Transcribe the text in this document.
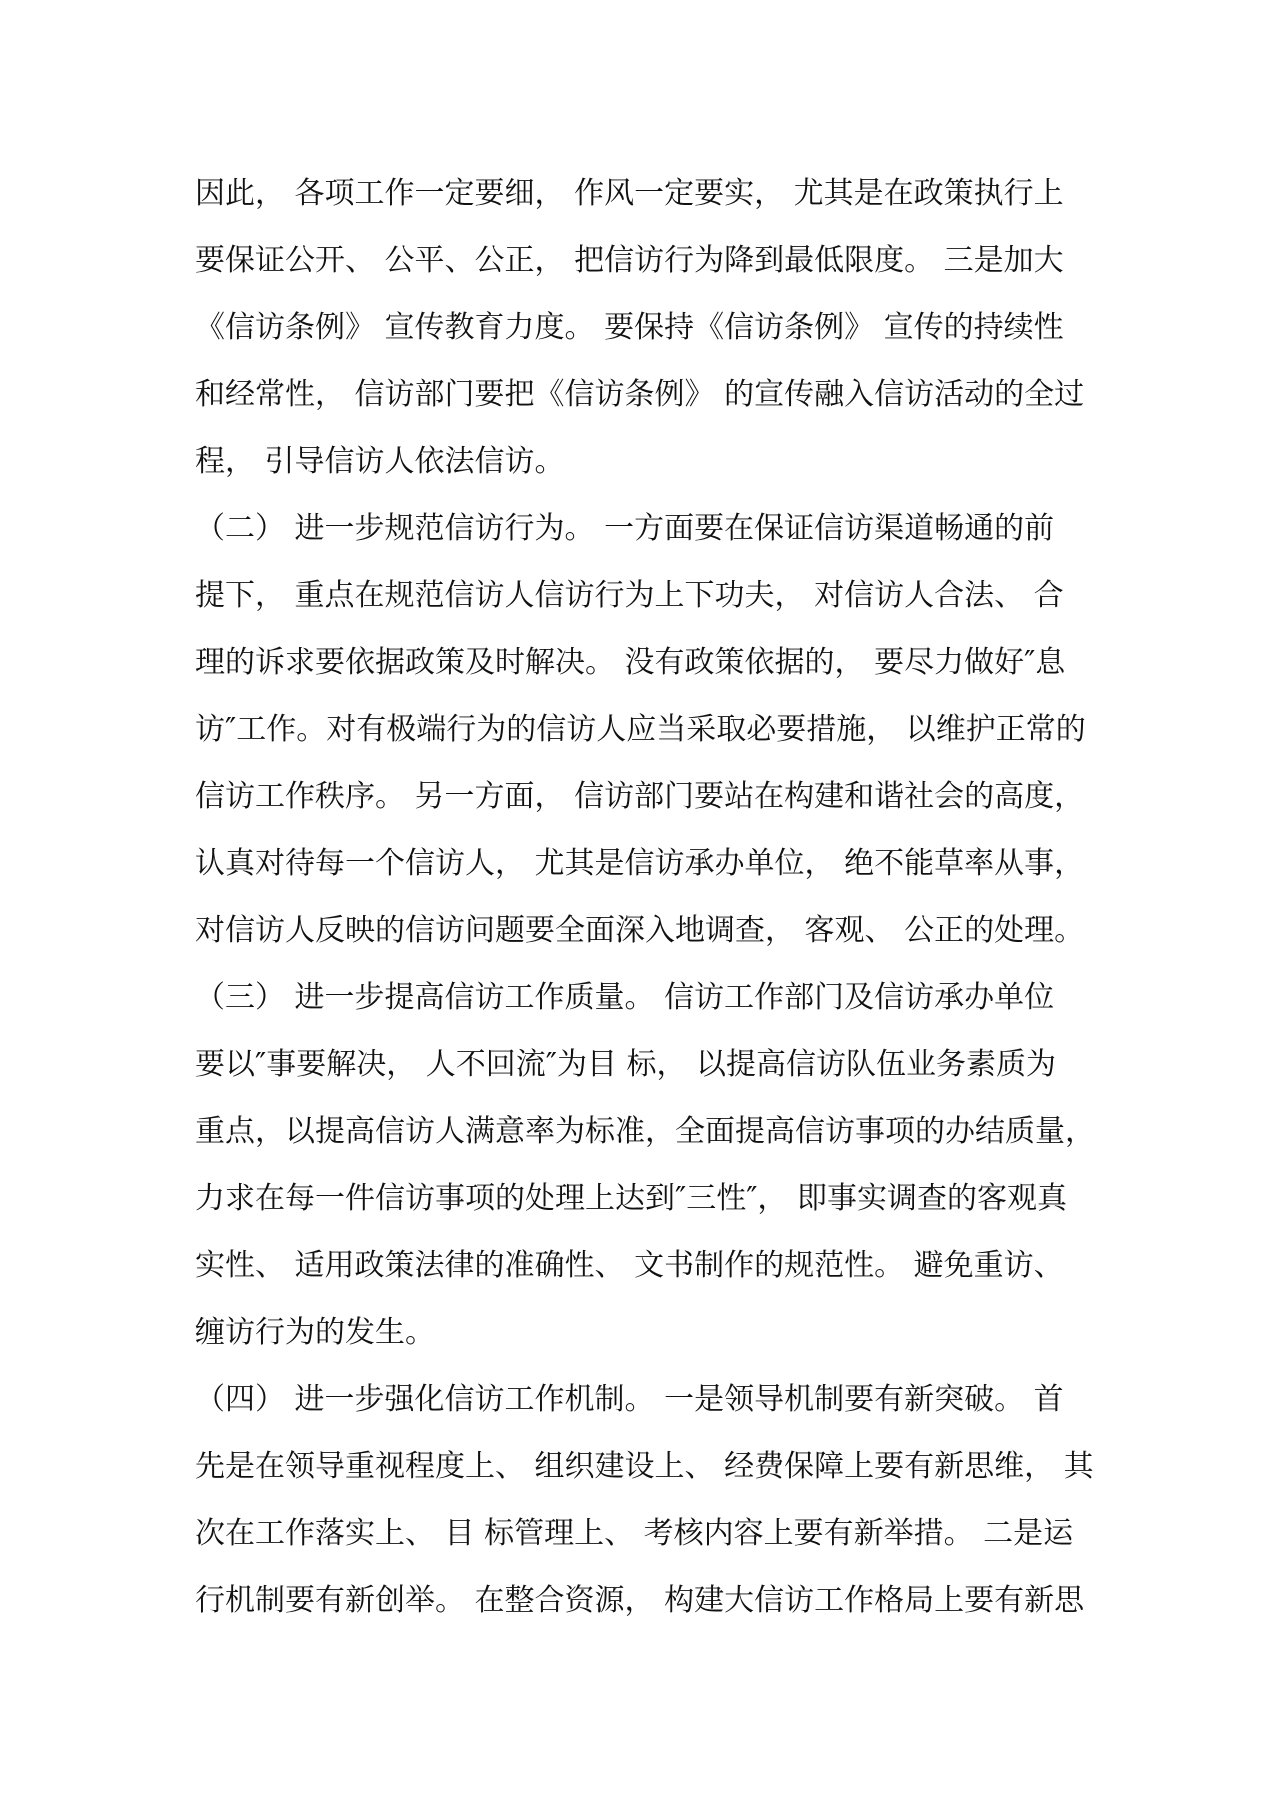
因此， 各项工作一定要细， 作风一定要实， 尤其是在政策执行上
要保证公开、 公平、公正， 把信访行为降到最低限度。 三是加大
《信访条例》 宣传教育力度。 要保持《信访条例》 宣传的持续性
和经常性， 信访部门要把《信访条例》 的宣传融入信访活动的全过
程， 引导信访人依法信访。
（二） 进一步规范信访行为。 一方面要在保证信访渠道畅通的前
提下， 重点在规范信访人信访行为上下功夫， 对信访人合法、 合
理的诉求要依据政策及时解决。 没有政策依据的， 要尽力做好″息
访″工作。对有极端行为的信访人应当采取必要措施， 以维护正常的
信访工作秩序。 另一方面， 信访部门要站在构建和谐社会的高度，
认真对待每一个信访人， 尤其是信访承办单位， 绝不能草率从事，
对信访人反映的信访问题要全面深入地调查， 客观、 公正的处理。
（三） 进一步提高信访工作质量。 信访工作部门及信访承办单位
要以″事要解决， 人不回流″为目 标， 以提高信访队伍业务素质为
重点，以提高信访人满意率为标准，全面提高信访事项的办结质量，
力求在每一件信访事项的处理上达到″三性″， 即事实调查的客观真
实性、 适用政策法律的准确性、 文书制作的规范性。 避免重访、
缠访行为的发生。
（四） 进一步强化信访工作机制。 一是领导机制要有新突破。 首
先是在领导重视程度上、 组织建设上、 经费保障上要有新思维， 其
次在工作落实上、 目 标管理上、 考核内容上要有新举措。 二是运
行机制要有新创举。 在整合资源， 构建大信访工作格局上要有新思
